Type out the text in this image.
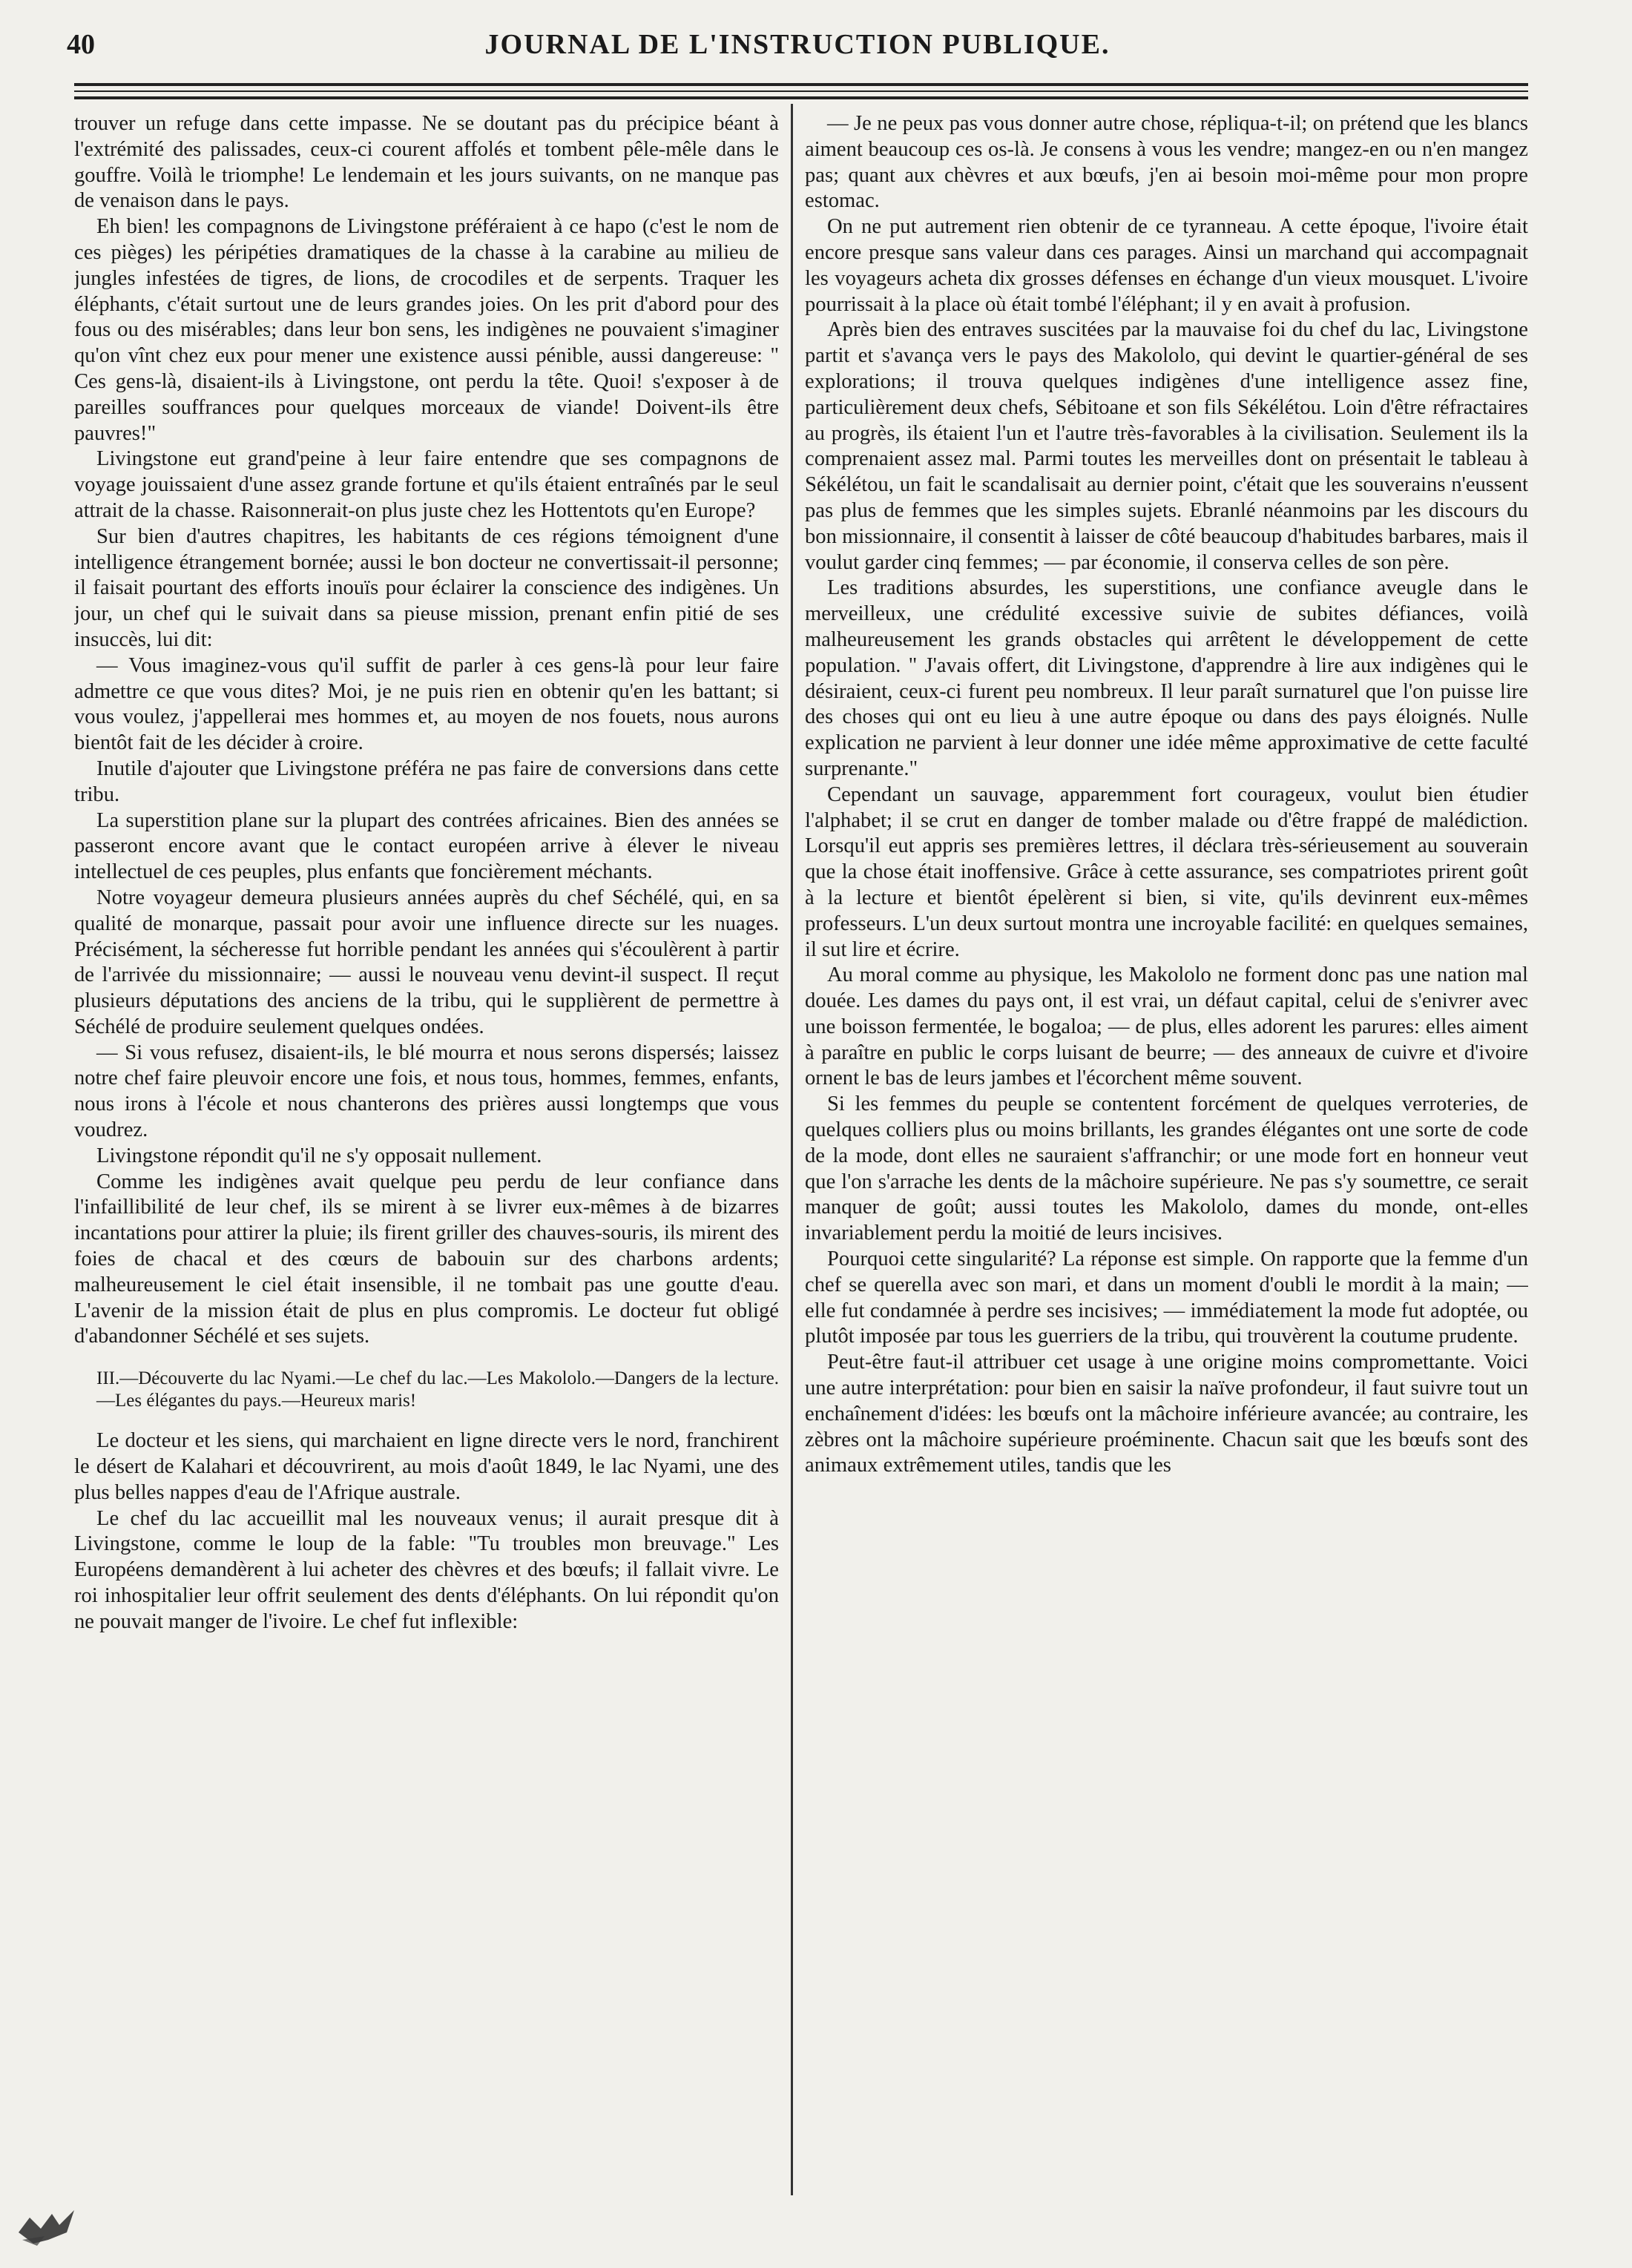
40	JOURNAL DE L'INSTRUCTION PUBLIQUE.

trouver un refuge dans cette impasse. Ne se doutant pas du précipice béant à l'extrémité des palissades, ceux-ci courent affolés et tombent pêle-mêle dans le gouffre. Voilà le triomphe! Le lendemain et les jours suivants, on ne manque pas de venaison dans le pays.

Eh bien! les compagnons de Livingstone préféraient à ce hapo (c'est le nom de ces pièges) les péripéties dramatiques de la chasse à la carabine au milieu de jungles infestées de tigres, de lions, de crocodiles et de serpents. Traquer les éléphants, c'était surtout une de leurs grandes joies. On les prit d'abord pour des fous ou des misérables; dans leur bon sens, les indigènes ne pouvaient s'imaginer qu'on vînt chez eux pour mener une existence aussi pénible, aussi dangereuse: " Ces gens-là, disaient-ils à Livingstone, ont perdu la tête. Quoi! s'exposer à de pareilles souffrances pour quelques morceaux de viande! Doivent-ils être pauvres!"

Livingstone eut grand'peine à leur faire entendre que ses compagnons de voyage jouissaient d'une assez grande fortune et qu'ils étaient entraînés par le seul attrait de la chasse. Raisonnerait-on plus juste chez les Hottentots qu'en Europe?

Sur bien d'autres chapitres, les habitants de ces régions témoignent d'une intelligence étrangement bornée; aussi le bon docteur ne convertissait-il personne; il faisait pourtant des efforts inouïs pour éclairer la conscience des indigènes. Un jour, un chef qui le suivait dans sa pieuse mission, prenant enfin pitié de ses insuccès, lui dit:

— Vous imaginez-vous qu'il suffit de parler à ces gens-là pour leur faire admettre ce que vous dites? Moi, je ne puis rien en obtenir qu'en les battant; si vous voulez, j'appellerai mes hommes et, au moyen de nos fouets, nous aurons bientôt fait de les décider à croire.

Inutile d'ajouter que Livingstone préféra ne pas faire de conversions dans cette tribu.

La superstition plane sur la plupart des contrées africaines. Bien des années se passeront encore avant que le contact européen arrive à élever le niveau intellectuel de ces peuples, plus enfants que foncièrement méchants.

Notre voyageur demeura plusieurs années auprès du chef Séchélé, qui, en sa qualité de monarque, passait pour avoir une influence directe sur les nuages. Précisément, la sécheresse fut horrible pendant les années qui s'écoulèrent à partir de l'arrivée du missionnaire; — aussi le nouveau venu devint-il suspect. Il reçut plusieurs députations des anciens de la tribu, qui le supplièrent de permettre à Séchélé de produire seulement quelques ondées.

— Si vous refusez, disaient-ils, le blé mourra et nous serons dispersés; laissez notre chef faire pleuvoir encore une fois, et nous tous, hommes, femmes, enfants, nous irons à l'école et nous chanterons des prières aussi longtemps que vous voudrez.

Livingstone répondit qu'il ne s'y opposait nullement.

Comme les indigènes avait quelque peu perdu de leur confiance dans l'infaillibilité de leur chef, ils se mirent à se livrer eux-mêmes à de bizarres incantations pour attirer la pluie; ils firent griller des chauves-souris, ils mirent des foies de chacal et des cœurs de babouin sur des charbons ardents; malheureusement le ciel était insensible, il ne tombait pas une goutte d'eau. L'avenir de la mission était de plus en plus compromis. Le docteur fut obligé d'abandonner Séchélé et ses sujets.

III.—Découverte du lac Nyami.—Le chef du lac.—Les Makololo.—Dangers de la lecture.—Les élégantes du pays.—Heureux maris!

Le docteur et les siens, qui marchaient en ligne directe vers le nord, franchirent le désert de Kalahari et découvrirent, au mois d'août 1849, le lac Nyami, une des plus belles nappes d'eau de l'Afrique australe.

Le chef du lac accueillit mal les nouveaux venus; il aurait presque dit à Livingstone, comme le loup de la fable: "Tu troubles mon breuvage." Les Européens demandèrent à lui acheter des chèvres et des bœufs; il fallait vivre. Le roi inhospitalier leur offrit seulement des dents d'éléphants. On lui répondit qu'on ne pouvait manger de l'ivoire. Le chef fut inflexible:

— Je ne peux pas vous donner autre chose, répliqua-t-il; on prétend que les blancs aiment beaucoup ces os-là. Je consens à vous les vendre; mangez-en ou n'en mangez pas; quant aux chèvres et aux bœufs, j'en ai besoin moi-même pour mon propre estomac.

On ne put autrement rien obtenir de ce tyranneau. A cette époque, l'ivoire était encore presque sans valeur dans ces parages. Ainsi un marchand qui accompagnait les voyageurs acheta dix grosses défenses en échange d'un vieux mousquet. L'ivoire pourrissait à la place où était tombé l'éléphant; il y en avait à profusion.

Après bien des entraves suscitées par la mauvaise foi du chef du lac, Livingstone partit et s'avança vers le pays des Makololo, qui devint le quartier-général de ses explorations; il trouva quelques indigènes d'une intelligence assez fine, particulièrement deux chefs, Sébitoane et son fils Sékélétou. Loin d'être réfractaires au progrès, ils étaient l'un et l'autre très-favorables à la civilisation. Seulement ils la comprenaient assez mal. Parmi toutes les merveilles dont on présentait le tableau à Sékélétou, un fait le scandalisait au dernier point, c'était que les souverains n'eussent pas plus de femmes que les simples sujets. Ebranlé néanmoins par les discours du bon missionnaire, il consentit à laisser de côté beaucoup d'habitudes barbares, mais il voulut garder cinq femmes; — par économie, il conserva celles de son père.

Les traditions absurdes, les superstitions, une confiance aveugle dans le merveilleux, une crédulité excessive suivie de subites défiances, voilà malheureusement les grands obstacles qui arrêtent le développement de cette population. " J'avais offert, dit Livingstone, d'apprendre à lire aux indigènes qui le désiraient, ceux-ci furent peu nombreux. Il leur paraît surnaturel que l'on puisse lire des choses qui ont eu lieu à une autre époque ou dans des pays éloignés. Nulle explication ne parvient à leur donner une idée même approximative de cette faculté surprenante."

Cependant un sauvage, apparemment fort courageux, voulut bien étudier l'alphabet; il se crut en danger de tomber malade ou d'être frappé de malédiction. Lorsqu'il eut appris ses premières lettres, il déclara très-sérieusement au souverain que la chose était inoffensive. Grâce à cette assurance, ses compatriotes prirent goût à la lecture et bientôt épelèrent si bien, si vite, qu'ils devinrent eux-mêmes professeurs. L'un deux surtout montra une incroyable facilité: en quelques semaines, il sut lire et écrire.

Au moral comme au physique, les Makololo ne forment donc pas une nation mal douée. Les dames du pays ont, il est vrai, un défaut capital, celui de s'enivrer avec une boisson fermentée, le bogaloa; — de plus, elles adorent les parures: elles aiment à paraître en public le corps luisant de beurre; — des anneaux de cuivre et d'ivoire ornent le bas de leurs jambes et l'écorchent même souvent.

Si les femmes du peuple se contentent forcément de quelques verroteries, de quelques colliers plus ou moins brillants, les grandes élégantes ont une sorte de code de la mode, dont elles ne sauraient s'affranchir; or une mode fort en honneur veut que l'on s'arrache les dents de la mâchoire supérieure. Ne pas s'y soumettre, ce serait manquer de goût; aussi toutes les Makololo, dames du monde, ont-elles invariablement perdu la moitié de leurs incisives.

Pourquoi cette singularité? La réponse est simple. On rapporte que la femme d'un chef se querella avec son mari, et dans un moment d'oubli le mordit à la main; — elle fut condamnée à perdre ses incisives; — immédiatement la mode fut adoptée, ou plutôt imposée par tous les guerriers de la tribu, qui trouvèrent la coutume prudente.

Peut-être faut-il attribuer cet usage à une origine moins compromettante. Voici une autre interprétation: pour bien en saisir la naïve profondeur, il faut suivre tout un enchaînement d'idées: les bœufs ont la mâchoire inférieure avancée; au contraire, les zèbres ont la mâchoire supérieure proéminente. Chacun sait que les bœufs sont des animaux extrêmement utiles, tandis que les
